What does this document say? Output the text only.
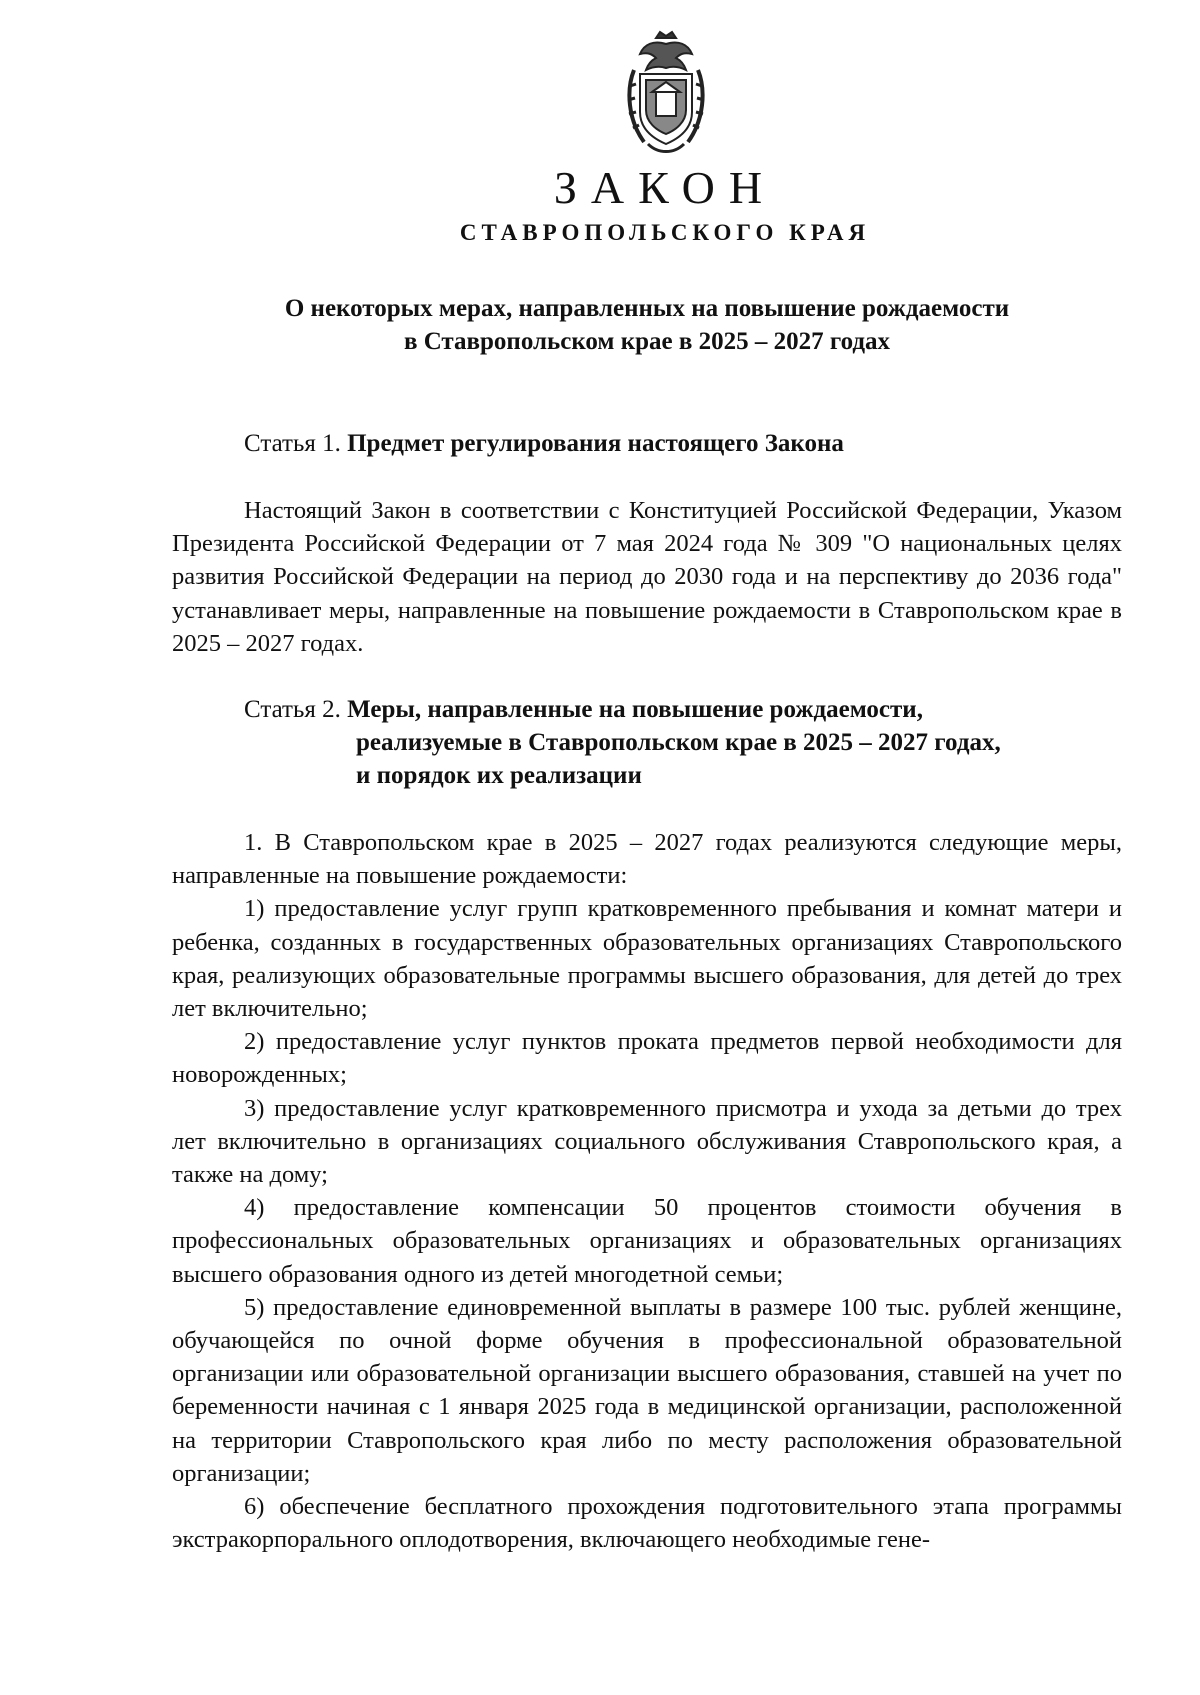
ЗАКОН
СТАВРОПОЛЬСКОГО КРАЯ
О некоторых мерах, направленных на повышение рождаемости
в Ставропольском крае в 2025 – 2027 годах
Статья 1. Предмет регулирования настоящего Закона

Настоящий Закон в соответствии с Конституцией Российской Федерации, Указом Президента Российской Федерации от 7 мая 2024 года № 309 "О национальных целях развития Российской Федерации на период до 2030 года и на перспективу до 2036 года" устанавливает меры, направленные на повышение рождаемости в Ставропольском крае в 2025 – 2027 годах.

Статья 2. Меры, направленные на повышение рождаемости,
реализуемые в Ставропольском крае в 2025 – 2027 годах,
и порядок их реализации

1. В Ставропольском крае в 2025 – 2027 годах реализуются следующие меры, направленные на повышение рождаемости:

1) предоставление услуг групп кратковременного пребывания и комнат матери и ребенка, созданных в государственных образовательных организациях Ставропольского края, реализующих образовательные программы высшего образования, для детей до трех лет включительно;

2) предоставление услуг пунктов проката предметов первой необходимости для новорожденных;

3) предоставление услуг кратковременного присмотра и ухода за детьми до трех лет включительно в организациях социального обслуживания Ставропольского края, а также на дому;

4) предоставление компенсации 50 процентов стоимости обучения в профессиональных образовательных организациях и образовательных организациях высшего образования одного из детей многодетной семьи;

5) предоставление единовременной выплаты в размере 100 тыс. рублей женщине, обучающейся по очной форме обучения в профессиональной образовательной организации или образовательной организации высшего образования, ставшей на учет по беременности начиная с 1 января 2025 года в медицинской организации, расположенной на территории Ставропольского края либо по месту расположения образовательной организации;

6) обеспечение бесплатного прохождения подготовительного этапа программы экстракорпорального оплодотворения, включающего необходимые гене-
